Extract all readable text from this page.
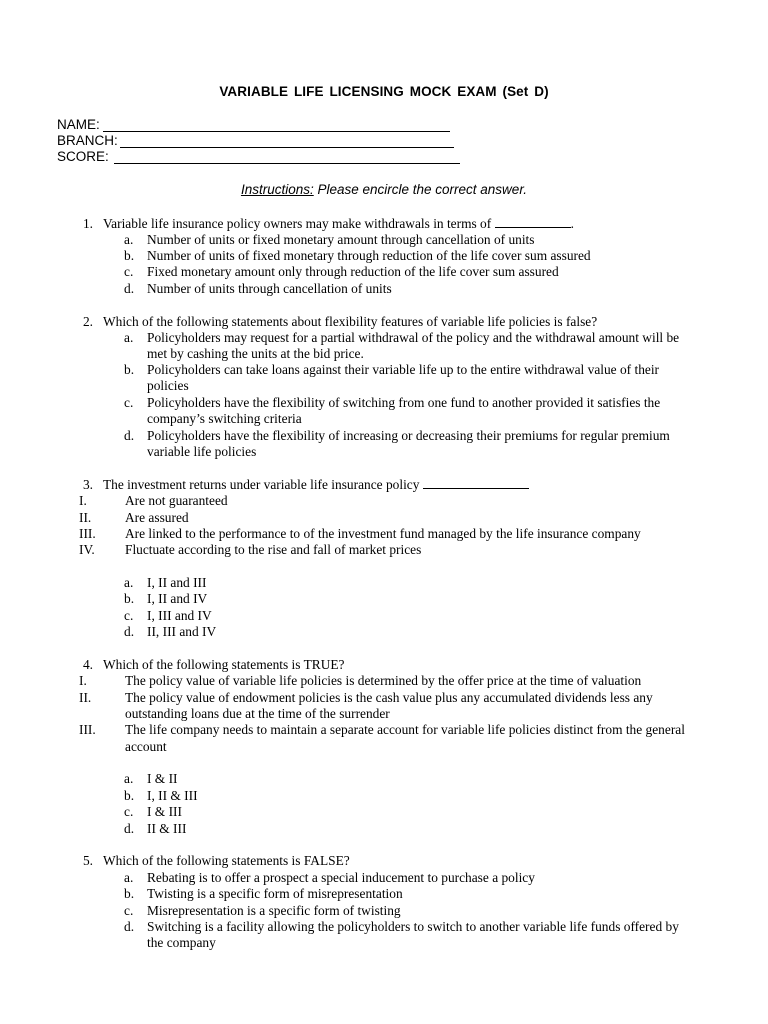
VARIABLE LIFE LICENSING MOCK EXAM (Set D)
NAME:
BRANCH:
SCORE:
Instructions: Please encircle the correct answer.
1. Variable life insurance policy owners may make withdrawals in terms of	.
a. Number of units or fixed monetary amount through cancellation of units
b. Number of units of fixed monetary through reduction of the life cover sum assured
c. Fixed monetary amount only through reduction of the life cover sum assured
d. Number of units through cancellation of units
2. Which of the following statements about flexibility features of variable life policies is false?
a. Policyholders may request for a partial withdrawal of the policy and the withdrawal amount will be
met by cashing the units at the bid price.
b. Policyholders can take loans against their variable life up to the entire withdrawal value of their
policies
c. Policyholders have the flexibility of switching from one fund to another provided it satisfies the
company’s switching criteria
d. Policyholders have the flexibility of increasing or decreasing their premiums for regular premium
variable life policies
3. The investment returns under variable life insurance policy
I.	Are not guaranteed
II.	Are assured
III. Are linked to the performance to of the investment fund managed by the life insurance company
IV. Fluctuate according to the rise and fall of market prices
a. I, II and III
b. I, II and IV
c. I, III and IV
d. II, III and IV
4. Which of the following statements is TRUE?
I.	The policy value of variable life policies is determined by the offer price at the time of valuation
II.	The policy value of endowment policies is the cash value plus any accumulated dividends less any
outstanding loans due at the time of the surrender
III. The life company needs to maintain a separate account for variable life policies distinct from the general
account
a. I & II
b. I, II & III
c. I & III
d. II & III
5. Which of the following statements is FALSE?
a. Rebating is to offer a prospect a special inducement to purchase a policy
b. Twisting is a specific form of misrepresentation
c. Misrepresentation is a specific form of twisting
d. Switching is a facility allowing the policyholders to switch to another variable life funds offered by
the company
